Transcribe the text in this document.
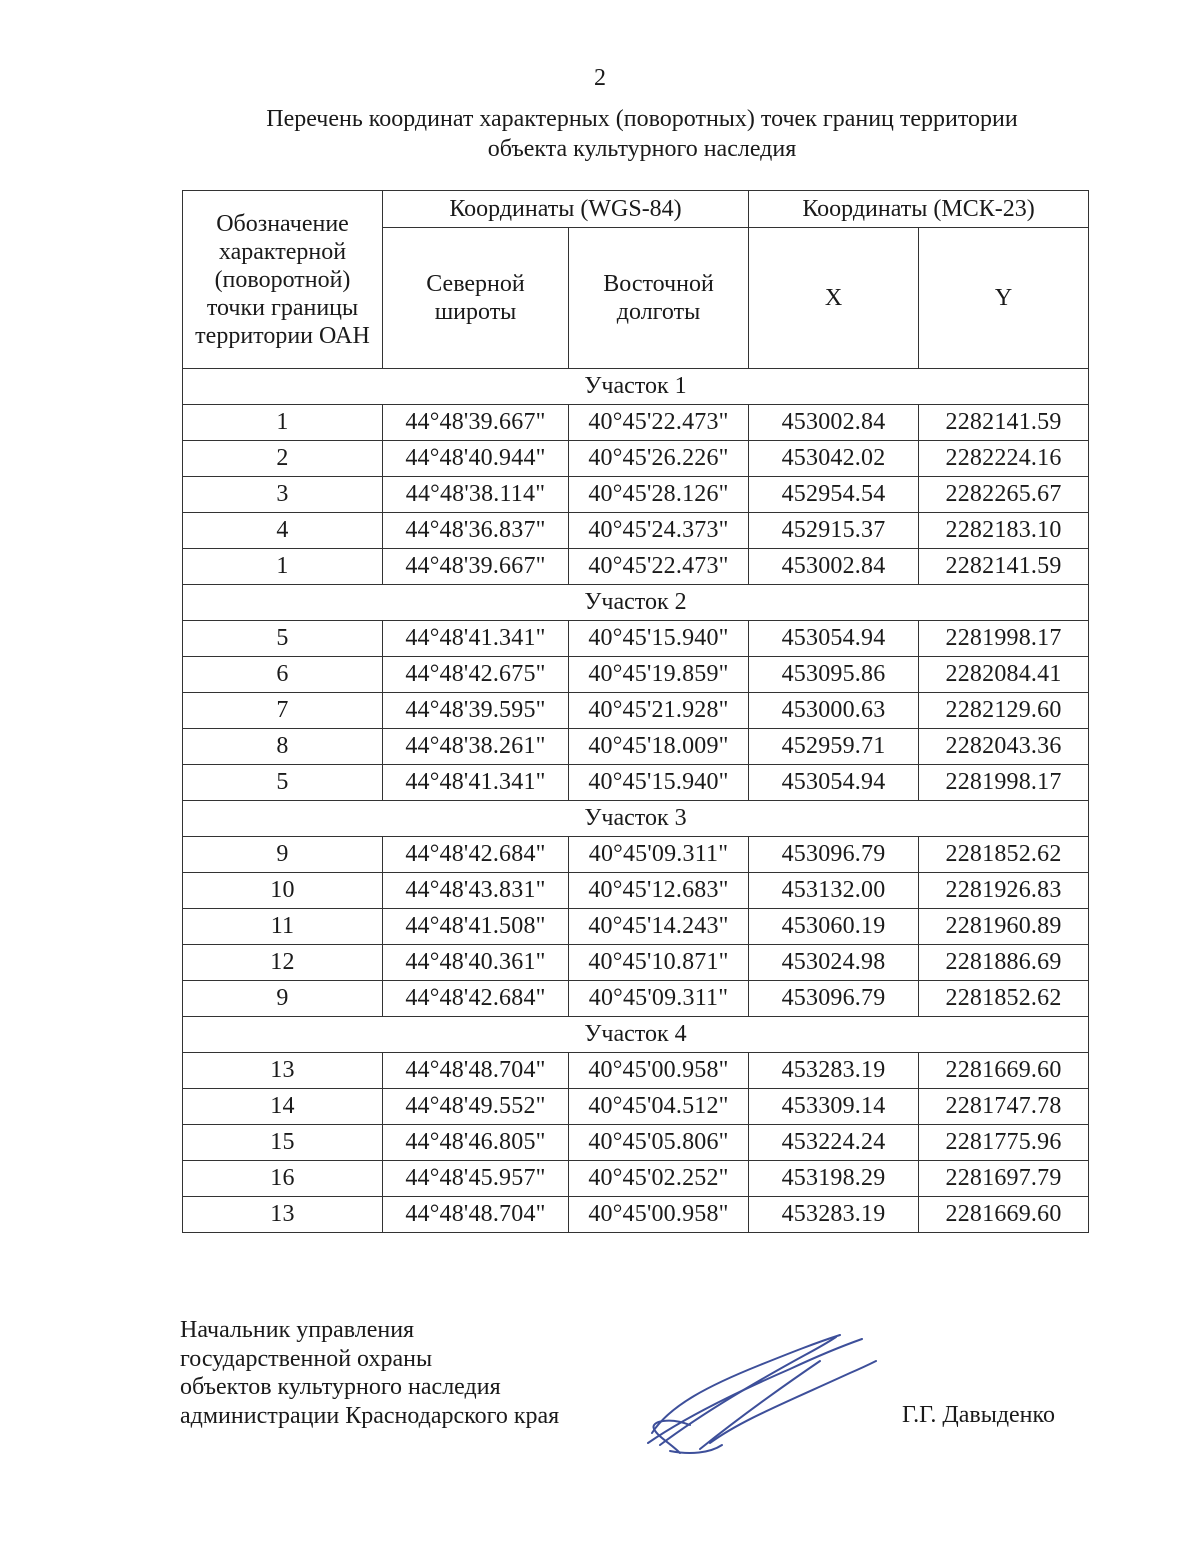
2
Перечень координат характерных (поворотных) точек границ территории
объекта культурного наследия
Обозначение характерной (поворотной) точки границы территории ОАН	Координаты (WGS-84)		Координаты (МСК-23)	
	Северной широты	Восточной долготы	X	Y
Участок 1				
1	44°48'39.667"	40°45'22.473"	453002.84	2282141.59
2	44°48'40.944"	40°45'26.226"	453042.02	2282224.16
3	44°48'38.114"	40°45'28.126"	452954.54	2282265.67
4	44°48'36.837"	40°45'24.373"	452915.37	2282183.10
1	44°48'39.667"	40°45'22.473"	453002.84	2282141.59
Участок 2				
5	44°48'41.341"	40°45'15.940"	453054.94	2281998.17
6	44°48'42.675"	40°45'19.859"	453095.86	2282084.41
7	44°48'39.595"	40°45'21.928"	453000.63	2282129.60
8	44°48'38.261"	40°45'18.009"	452959.71	2282043.36
5	44°48'41.341"	40°45'15.940"	453054.94	2281998.17
Участок 3				
9	44°48'42.684"	40°45'09.311"	453096.79	2281852.62
10	44°48'43.831"	40°45'12.683"	453132.00	2281926.83
11	44°48'41.508"	40°45'14.243"	453060.19	2281960.89
12	44°48'40.361"	40°45'10.871"	453024.98	2281886.69
9	44°48'42.684"	40°45'09.311"	453096.79	2281852.62
Участок 4				
13	44°48'48.704"	40°45'00.958"	453283.19	2281669.60
14	44°48'49.552"	40°45'04.512"	453309.14	2281747.78
15	44°48'46.805"	40°45'05.806"	453224.24	2281775.96
16	44°48'45.957"	40°45'02.252"	453198.29	2281697.79
13	44°48'48.704"	40°45'00.958"	453283.19	2281669.60
Начальник управления
государственной охраны
объектов культурного наследия
администрации Краснодарского края	Г.Г. Давыденко
